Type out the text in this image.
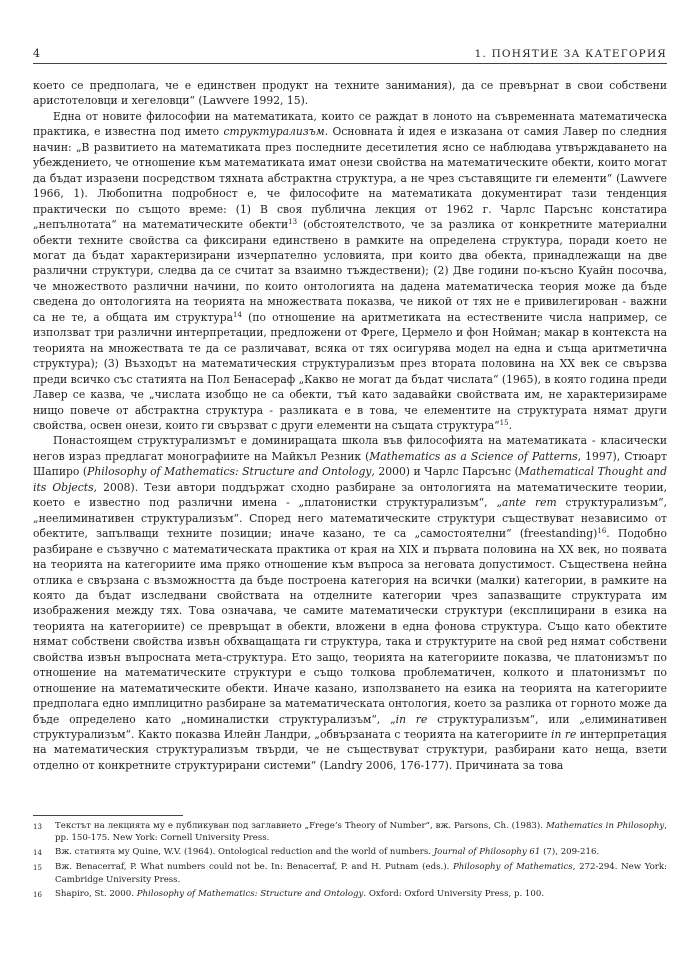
4	1. ПОНЯТИЕ ЗА КАТЕГОРИЯ

което се предполага, че е единствен продукт на техните занимания), да се превърнат в свои собствени аристотеловци и хегеловци“ (Lawvere 1992, 15).

Една от новите философии на математиката, които се раждат в лоното на съвременната математическа практика, е известна под името структурализъм. Основната ѝ идея е изказана от самия Лавер по следния начин: „В развитието на математиката през последните десетилетия ясно се наблюдава утвърждаването на убеждението, че отношение към математиката имат онези свойства на математическите обекти, които могат да бъдат изразени посредством тяхната абстрактна структура, а не чрез съставящите ги елементи“ (Lawvere 1966, 1). Любопитна подробност е, че философите на математиката документират тази тенденция практически по същото време: (1) В своя публична лекция от 1962 г. Чарлс Парсънс констатира „непълнотата“ на математическите обекти$^{13}$ (обстоятелството, че за разлика от конкретните материални обекти техните свойства са фиксирани единствено в рамките на определена структура, поради което не могат да бъдат характеризирани изчерпателно условията, при които два обекта, принадлежащи на две различни структури, следва да се считат за взаимно тъждествени); (2) Две години по-късно Куайн посочва, че множеството различни начини, по които онтологията на дадена математическа теория може да бъде сведена до онтологията на теорията на множествата показва, че никой от тях не е привилегирован - важни са не те, а общата им структура$^{14}$ (по отношение на аритметиката на естествените числа например, се използват три различни интерпретации, предложени от Фреге, Цермело и фон Нойман; макар в контекста на теорията на множествата те да се различават, всяка от тях осигурява модел на една и съща аритметична структура); (3) Възходът на математическия структурализъм през втората половина на XX век се свързва преди всичко със статията на Пол Бенасераф „Какво не могат да бъдат числата“ (1965), в която година преди Лавер се казва, че „числата изобщо не са обекти, тъй като задавайки свойствата им, не характеризираме нищо повече от абстрактна структура - разликата е в това, че елементите на структурата нямат други свойства, освен онези, които ги свързват с други елементи на същата структура“$^{15}$.

Понастоящем структурализмът е доминиращата школа във философията на математиката - класически негов израз предлагат монографиите на Майкъл Резник (Mathematics as a Science of Patterns, 1997), Стюарт Шапиро (Philosophy of Mathematics: Structure and Ontology, 2000) и Чарлс Парсънс (Mathematical Thought and its Objects, 2008). Тези автори поддържат сходно разбиране за онтологията на математическите теории, което е известно под различни имена - „платонистки структурализъм“, „ante rem структурализъм“, „неелиминативен структурализъм“. Според него математическите структури съществуват независимо от обектите, запълващи техните позиции; иначе казано, те са „самостоятелни“ (freestanding)$^{16}$. Подобно разбиране е съзвучно с математическата практика от края на XIX и първата половина на XX век, но появата на теорията на категориите има пряко отношение към въпроса за неговата допустимост. Съществена нейна отлика е свързана с възможността да бъде построена категория на всички (малки) категории, в рамките на която да бъдат изследвани свойствата на отделните категории чрез запазващите структурата им изображения между тях. Това означава, че самите математически структури (експлицирани в езика на теорията на категориите) се превръщат в обекти, вложени в една фонова структура. Също като обектите нямат собствени свойства извън обхващащата ги структура, така и структурите на свой ред нямат собствени свойства извън въпросната мета-структура. Ето защо, теорията на категориите показва, че платонизмът по отношение на математическите структури е също толкова проблематичен, колкото и платонизмът по отношение на математическите обекти. Иначе казано, използването на езика на теорията на категориите предполага едно имплицитно разбиране за математическата онтология, което за разлика от горното може да бъде определено като „номиналистки структурализъм“, „in re структурализъм“, или „елиминативен структурализъм“. Както показва Илейн Ландри, „обвързаната с теорията на категориите in re интерпретация на математическия структурализъм твърди, че не съществуват структури, разбирани като неща, взети отделно от конкретните структурирани системи“ (Landry 2006, 176-177). Причината за това

13	Текстът на лекцията му е публикуван под заглавието „Frege’s Theory of Number“, вж. Parsons, Ch. (1983). Mathematics in Philosophy, pp. 150-175. New York: Cornell University Press.
14	Вж. статията му Quine, W.V. (1964). Ontological reduction and the world of numbers. Journal of Philosophy 61 (7), 209-216.
15	Вж. Benacerraf, P. What numbers could not be. In: Benacerraf, P. and H. Putnam (eds.). Philosophy of Mathematics, 272-294. New York: Cambridge University Press.
16	Shapiro, St. 2000. Philosophy of Mathematics: Structure and Ontology. Oxford: Oxford University Press, p. 100.
